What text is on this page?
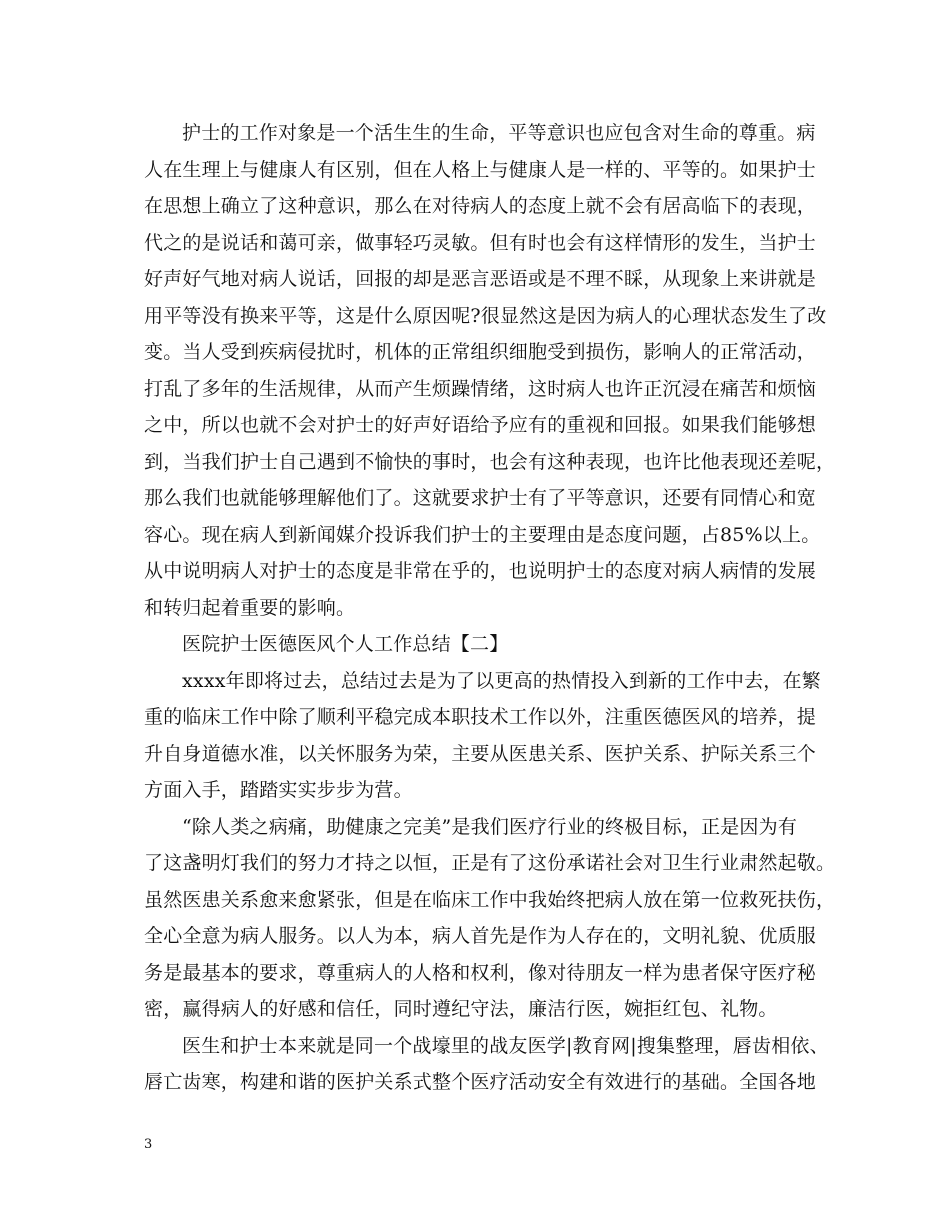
护士的工作对象是一个活生生的生命，平等意识也应包含对生命的尊重。病
人在生理上与健康人有区别，但在人格上与健康人是一样的、平等的。如果护士
在思想上确立了这种意识，那么在对待病人的态度上就不会有居高临下的表现，
代之的是说话和蔼可亲，做事轻巧灵敏。但有时也会有这样情形的发生，当护士
好声好气地对病人说话，回报的却是恶言恶语或是不理不睬，从现象上来讲就是
用平等没有换来平等，这是什么原因呢?很显然这是因为病人的心理状态发生了改
变。当人受到疾病侵扰时，机体的正常组织细胞受到损伤，影响人的正常活动，
打乱了多年的生活规律，从而产生烦躁情绪，这时病人也许正沉浸在痛苦和烦恼
之中，所以也就不会对护士的好声好语给予应有的重视和回报。如果我们能够想
到，当我们护士自己遇到不愉快的事时，也会有这种表现，也许比他表现还差呢，
那么我们也就能够理解他们了。这就要求护士有了平等意识，还要有同情心和宽
容心。现在病人到新闻媒介投诉我们护士的主要理由是态度问题，占85%以上。
从中说明病人对护士的态度是非常在乎的，也说明护士的态度对病人病情的发展
和转归起着重要的影响。
医院护士医德医风个人工作总结【二】
xxxx年即将过去，总结过去是为了以更高的热情投入到新的工作中去，在繁
重的临床工作中除了顺利平稳完成本职技术工作以外，注重医德医风的培养，提
升自身道德水准，以关怀服务为荣，主要从医患关系、医护关系、护际关系三个
方面入手，踏踏实实步步为营。
“除人类之病痛，助健康之完美”是我们医疗行业的终极目标，正是因为有
了这盏明灯我们的努力才持之以恒，正是有了这份承诺社会对卫生行业肃然起敬。
虽然医患关系愈来愈紧张，但是在临床工作中我始终把病人放在第一位救死扶伤，
全心全意为病人服务。以人为本，病人首先是作为人存在的，文明礼貌、优质服
务是最基本的要求，尊重病人的人格和权利，像对待朋友一样为患者保守医疗秘
密，赢得病人的好感和信任，同时遵纪守法，廉洁行医，婉拒红包、礼物。
医生和护士本来就是同一个战壕里的战友医学|教育网|搜集整理，唇齿相依、
唇亡齿寒，构建和谐的医护关系式整个医疗活动安全有效进行的基础。全国各地
3
